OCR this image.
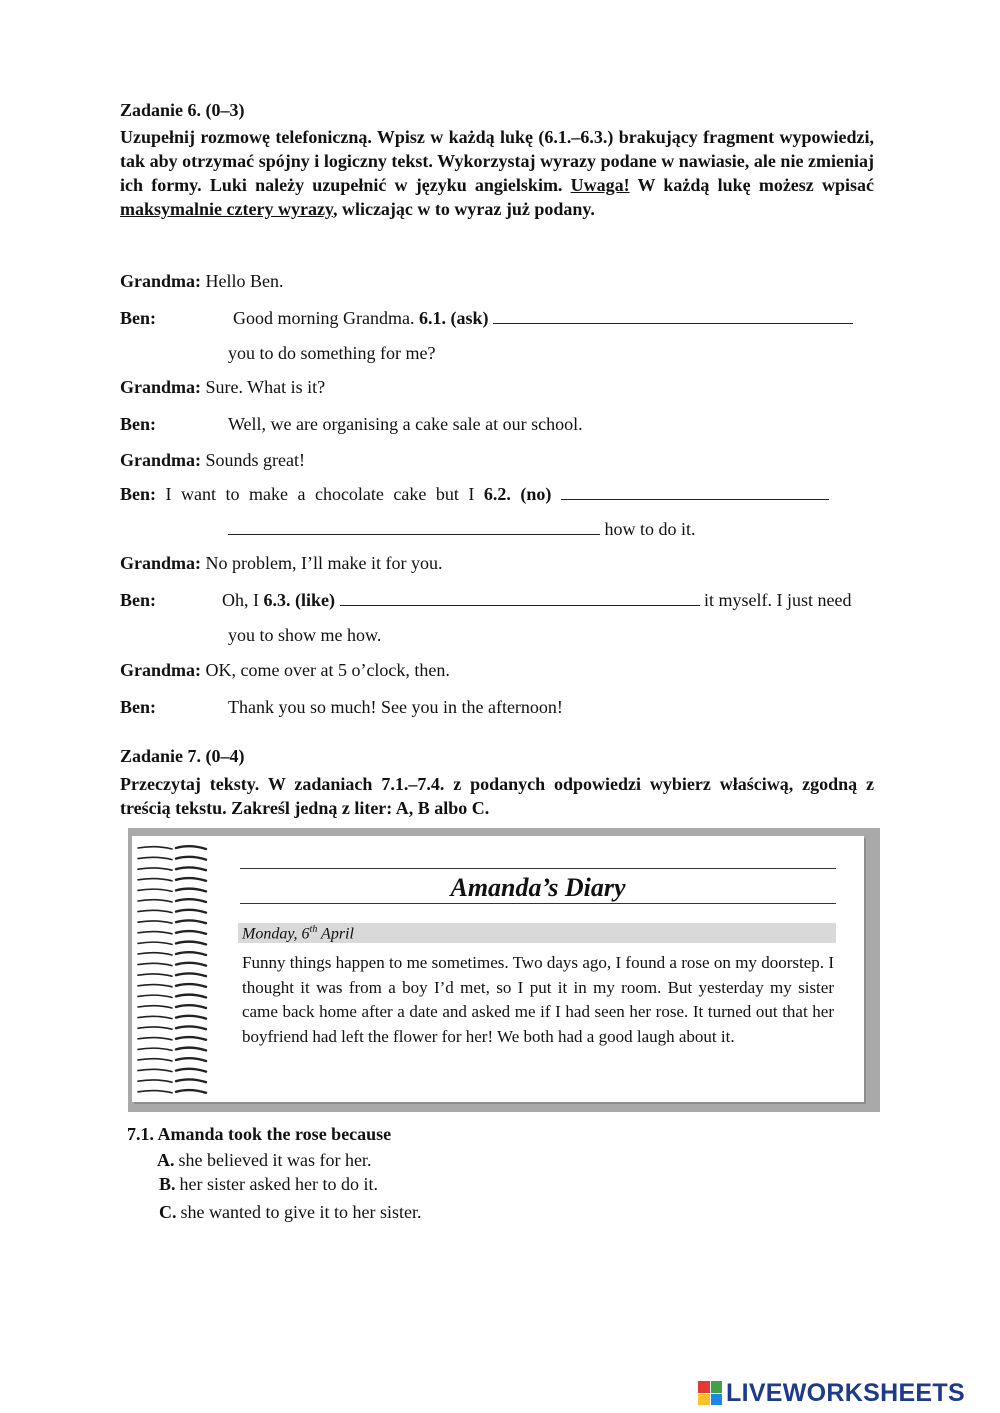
Zadanie 6. (0–3)
Uzupełnij rozmowę telefoniczną. Wpisz w każdą lukę (6.1.–6.3.) brakujący fragment wypowiedzi, tak aby otrzymać spójny i logiczny tekst. Wykorzystaj wyrazy podane w nawiasie, ale nie zmieniaj ich formy. Luki należy uzupełnić w języku angielskim. Uwaga! W każdą lukę możesz wpisać maksymalnie cztery wyrazy, wliczając w to wyraz już podany.
Grandma: Hello Ben.
Ben:	Good morning Grandma. 6.1. (ask)
you to do something for me?
Grandma: Sure. What is it?
Ben:	Well, we are organising a cake sale at our school.
Grandma: Sounds great!
Ben: I want to make a chocolate cake but I 6.2. (no)
how to do it.
Grandma: No problem, I’ll make it for you.
Ben:	Oh, I 6.3. (like)	it myself. I just need
you to show me how.
Grandma: OK, come over at 5 o’clock, then.
Ben:	Thank you so much! See you in the afternoon!
Zadanie 7. (0–4)
Przeczytaj teksty. W zadaniach 7.1.–7.4. z podanych odpowiedzi wybierz właściwą, zgodną z treścią tekstu. Zakreśl jedną z liter: A, B albo C.
Amanda’s Diary
Monday, 6th April
Funny things happen to me sometimes. Two days ago, I found a rose on my doorstep. I thought it was from a boy I’d met, so I put it in my room. But yesterday my sister came back home after a date and asked me if I had seen her rose. It turned out that her boyfriend had left the flower for her! We both had a good laugh about it.
7.1. Amanda took the rose because
A. she believed it was for her.
B. her sister asked her to do it.
C. she wanted to give it to her sister.
LIVEWORKSHEETS
